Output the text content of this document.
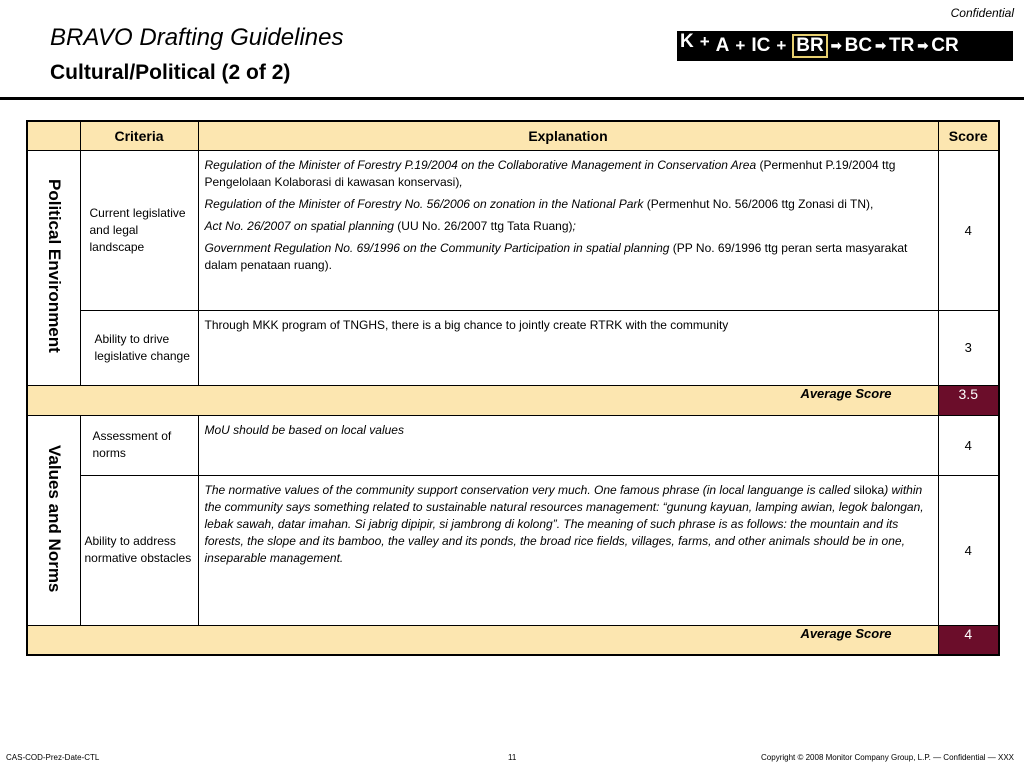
Confidential
BRAVO Drafting Guidelines
Cultural/Political (2 of 2)
K + A + IC + BR ➡ BC ➡ TR ➡ CR
	Criteria	Explanation	Score
Political Environment	Current legislative and legal landscape	Regulation of the Minister of Forestry P.19/2004 on the Collaborative Management in Conservation Area (Permenhut P.19/2004 ttg Pengelolaan Kolaborasi di kawasan konservasi),

Regulation of the Minister of Forestry No. 56/2006 on zonation in the National Park (Permenhut No. 56/2006 ttg Zonasi di TN),

Act No. 26/2007 on spatial planning (UU No. 26/2007 ttg Tata Ruang);

Government Regulation No. 69/1996 on the Community Participation in spatial planning (PP No. 69/1996 ttg peran serta masyarakat dalam penataan ruang).	4
	Ability to drive legislative change	Through MKK program of TNGHS, there is a big chance to jointly create RTRK with the community	3
Average Score			3.5
Values and Norms	Assessment of norms	MoU should be based on local values	4
	Ability to address normative obstacles	The normative values of the community support conservation very much. One famous phrase (in local languange is called siloka) within the community says something related to sustainable natural resources management: “gunung kayuan, lamping awian, legok balongan, lebak sawah, datar imahan. Si jabrig dipipir, si jambrong di kolong”. The meaning of such phrase is as follows: the mountain and its forests, the slope and its bamboo, the valley and its ponds, the broad rice fields, villages, farms, and other animals should be in one, inseparable management.	4
Average Score			4
CAS-COD-Prez-Date-CTL	11	Copyright © 2008 Monitor Company Group, L.P. — Confidential — XXX
